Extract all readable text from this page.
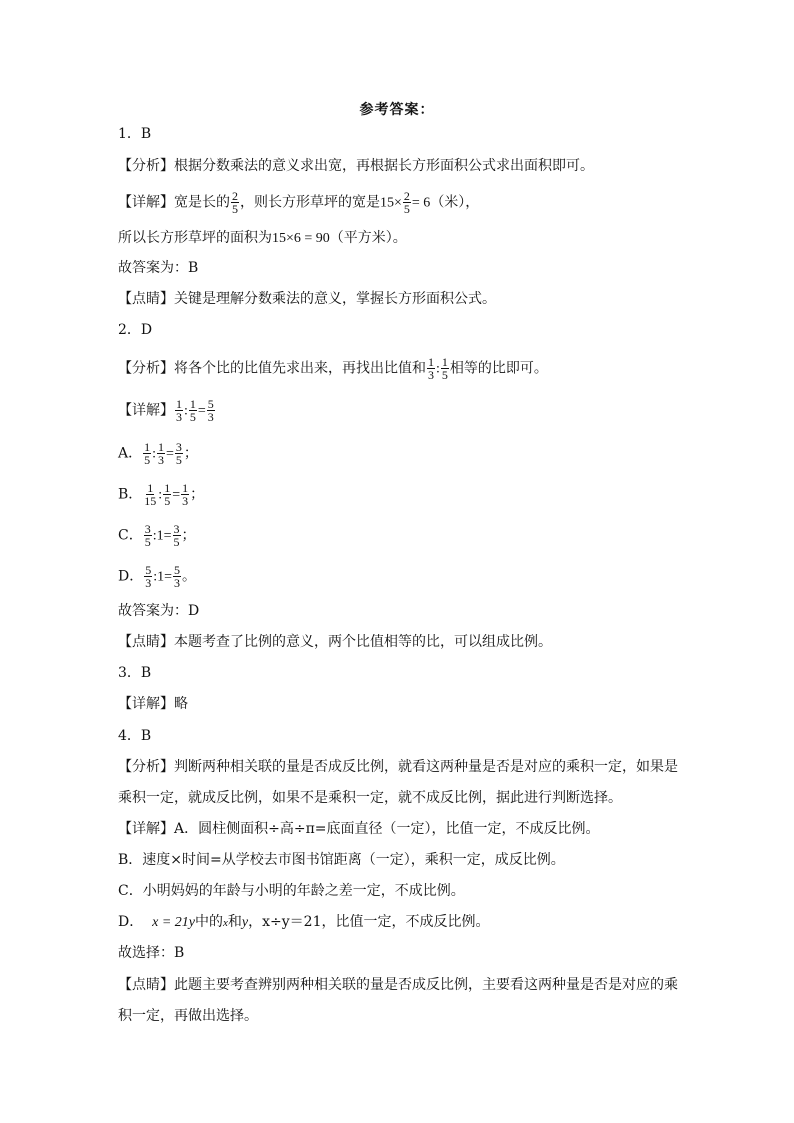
参考答案：
1．B
【分析】根据分数乘法的意义求出宽，再根据长方形面积公式求出面积即可。
【详解】宽是长的 $\frac{2}{5}$ ，则长方形草坪的宽是$15\times \frac{2}{5} = 6$（米），
所以长方形草坪的面积为15×6 = 90（平方米）。
故答案为：B
【点睛】关键是理解分数乘法的意义，掌握长方形面积公式。
2．D
【分析】将各个比的比值先求出来，再找出比值和 $\frac{1}{3}$ : $\frac{1}{5}$ 相等的比即可。
【详解】 $\frac{1}{3}$ : $\frac{1}{5} = \frac{5}{3}$
A． $\frac{1}{5}$ : $\frac{1}{3} = \frac{3}{5}$ ；
B． $\frac{1}{15}$ : $\frac{1}{5} = \frac{1}{3}$ ；
C． $\frac{3}{5}$ :1= $\frac{3}{5}$ ；
D． $\frac{5}{3}$ :1= $\frac{5}{3}$ 。
故答案为：D
【点睛】本题考查了比例的意义，两个比值相等的比，可以组成比例。
3．B
【详解】略
4．B
【分析】判断两种相关联的量是否成反比例，就看这两种量是否是对应的乘积一定，如果是
乘积一定，就成反比例，如果不是乘积一定，就不成反比例，据此进行判断选择。
【详解】A．圆柱侧面积÷高÷π=底面直径（一定），比值一定，不成反比例。
B．速度×时间=从学校去市图书馆距离（一定），乘积一定，成反比例。
C．小明妈妈的年龄与小明的年龄之差一定，不成比例。
D． x = 21y中的x和y，x÷y＝21，比值一定，不成反比例。
故选择：B
【点睛】此题主要考查辨别两种相关联的量是否成反比例，主要看这两种量是否是对应的乘
积一定，再做出选择。
